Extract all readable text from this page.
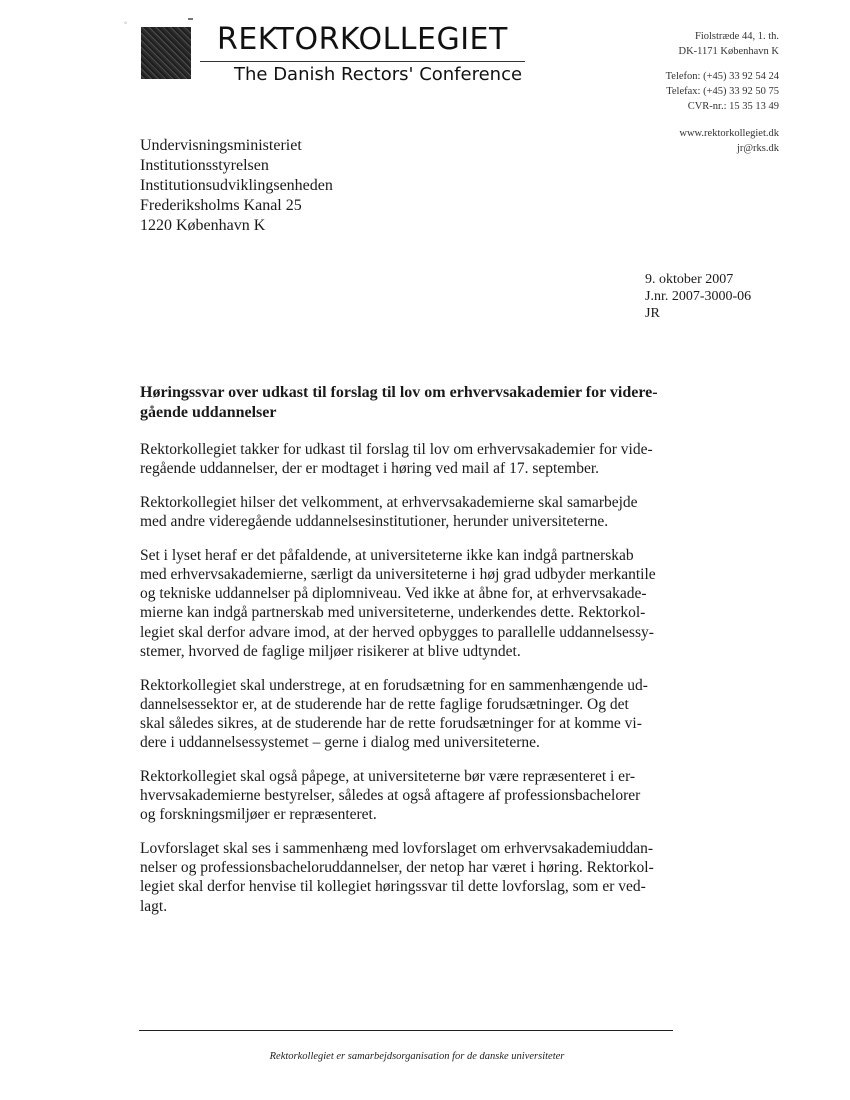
°	REKTORKOLLEGIET
The Danish Rectors' Conference
Fiolstræde 44, 1. th.
DK-1171 København K
Telefon: (+45) 33 92 54 24
Telefax: (+45) 33 92 50 75
CVR-nr.: 15 35 13 49
www.rektorkollegiet.dk
jr@rks.dk
Undervisningsministeriet
Institutionsstyrelsen
Institutionsudviklingsenheden
Frederiksholms Kanal 25
1220 København K
9. oktober 2007
J.nr. 2007-3000-06
JR
Høringssvar over udkast til forslag til lov om erhvervsakademier for videre-
gående uddannelser

Rektorkollegiet takker for udkast til forslag til lov om erhvervsakademier for vide-
regående uddannelser, der er modtaget i høring ved mail af 17. september.

Rektorkollegiet hilser det velkomment, at erhvervsakademierne skal samarbejde
med andre videregående uddannelsesinstitutioner, herunder universiteterne.

Set i lyset heraf er det påfaldende, at universiteterne ikke kan indgå partnerskab
med erhvervsakademierne, særligt da universiteterne i høj grad udbyder merkantile
og tekniske uddannelser på diplomniveau. Ved ikke at åbne for, at erhvervsakade-
mierne kan indgå partnerskab med universiteterne, underkendes dette. Rektorkol-
legiet skal derfor advare imod, at der herved opbygges to parallelle uddannelsessy-
stemer, hvorved de faglige miljøer risikerer at blive udtyndet.

Rektorkollegiet skal understrege, at en forudsætning for en sammenhængende ud-
dannelsessektor er, at de studerende har de rette faglige forudsætninger. Og det
skal således sikres, at de studerende har de rette forudsætninger for at komme vi-
dere i uddannelsessystemet – gerne i dialog med universiteterne.

Rektorkollegiet skal også påpege, at universiteterne bør være repræsenteret i er-
hvervsakademierne bestyrelser, således at også aftagere af professionsbachelorer
og forskningsmiljøer er repræsenteret.

Lovforslaget skal ses i sammenhæng med lovforslaget om erhvervsakademiuddan-
nelser og professionsbacheloruddannelser, der netop har været i høring. Rektorkol-
legiet skal derfor henvise til kollegiet høringssvar til dette lovforslag, som er ved-
lagt.

Rektorkollegiet er samarbejdsorganisation for de danske universiteter
